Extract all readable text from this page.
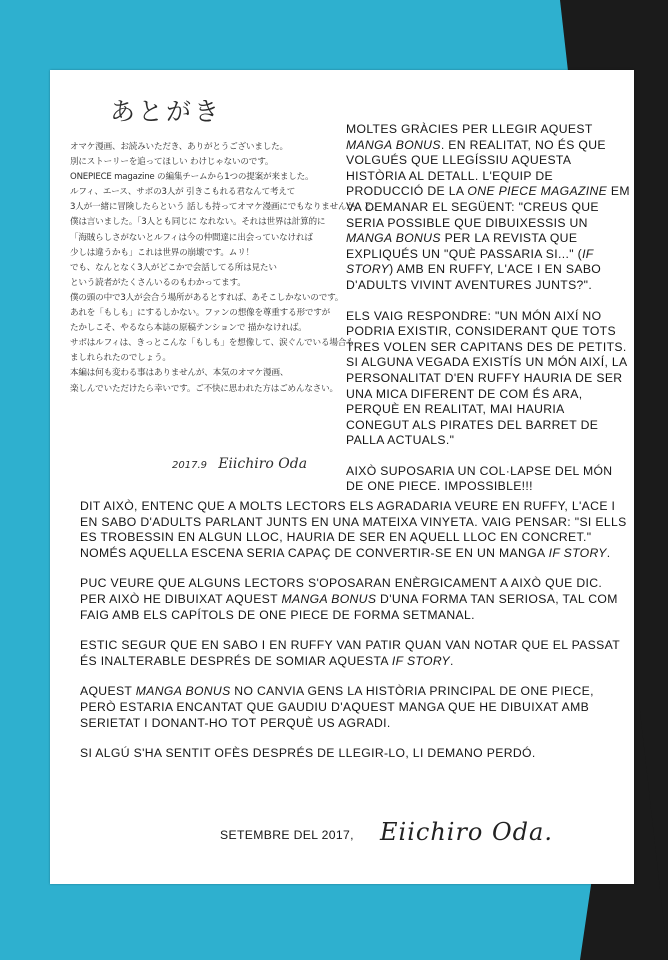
あとがき
オマケ漫画、お読みいただき、ありがとうございました。
別にストーリーを追ってほしい わけじゃないのです。
ONEPIECE magazine の編集チームから1つの提案が来ました。
ルフィ、エース、サボの3人が 引きこもれる君なんて考えて
3人が一緒に冒険したらという 話しも持ってオマケ漫画にでもなりませんか、と。
僕は言いました。「3人とも同じに なれない。それは世界は計算的に
「海賊らしさがないとルフィは今の仲間達に出会っていなければ
少しは違うかも」これは世界の崩壊です。ムリ！
でも、なんとなく3人がどこかで会話してる所は見たい
という読者がたくさんいるのもわかってます。
僕の頭の中で3人が会合う場所があるとすれば、あそこしかないのです。
あれを「もしも」にするしかない。ファンの想像を尊重する形ですが
たかしこそ、やるなら本誌の原稿テンションで 描かなければ。
サボはルフィは、きっとこんな「もしも」を想像して、涙ぐんでいる場合も
ましれられたのでしょう。
本編は何も変わる事はありませんが、本気のオマケ漫画、
楽しんでいただけたら幸いです。ご不快に思われた方はごめんなさい。
2017.9 Eiichiro Oda

MOLTES GRÀCIES PER LLEGIR AQUEST MANGA BONUS. EN REALITAT, NO ÉS QUE VOLGUÉS QUE LLEGÍSSIU AQUESTA HISTÒRIA AL DETALL. L'EQUIP DE PRODUCCIÓ DE LA ONE PIECE MAGAZINE EM VA DEMANAR EL SEGÜENT: "CREUS QUE SERIA POSSIBLE QUE DIBUIXESSIS UN MANGA BONUS PER LA REVISTA QUE EXPLIQUÉS UN "QUÈ PASSARIA SI..." (IF STORY) AMB EN RUFFY, L'ACE I EN SABO D'ADULTS VIVINT AVENTURES JUNTS?".

ELS VAIG RESPONDRE: "UN MÓN AIXÍ NO PODRIA EXISTIR, CONSIDERANT QUE TOTS TRES VOLEN SER CAPITANS DES DE PETITS. SI ALGUNA VEGADA EXISTÍS UN MÓN AIXÍ, LA PERSONALITAT D'EN RUFFY HAURIA DE SER UNA MICA DIFERENT DE COM ÉS ARA, PERQUÈ EN REALITAT, MAI HAURIA CONEGUT ALS PIRATES DEL BARRET DE PALLA ACTUALS."

AIXÒ SUPOSARIA UN COL·LAPSE DEL MÓN DE ONE PIECE. IMPOSSIBLE!!!

DIT AIXÒ, ENTENC QUE A MOLTS LECTORS ELS AGRADARIA VEURE EN RUFFY, L'ACE I EN SABO D'ADULTS PARLANT JUNTS EN UNA MATEIXA VINYETA. VAIG PENSAR: "SI ELLS ES TROBESSIN EN ALGUN LLOC, HAURIA DE SER EN AQUELL LLOC EN CONCRET." NOMÉS AQUELLA ESCENA SERIA CAPAÇ DE CONVERTIR-SE EN UN MANGA IF STORY.

PUC VEURE QUE ALGUNS LECTORS S'OPOSARAN ENÈRGICAMENT A AIXÒ QUE DIC. PER AIXÒ HE DIBUIXAT AQUEST MANGA BONUS D'UNA FORMA TAN SERIOSA, TAL COM FAIG AMB ELS CAPÍTOLS DE ONE PIECE DE FORMA SETMANAL.

ESTIC SEGUR QUE EN SABO I EN RUFFY VAN PATIR QUAN VAN NOTAR QUE EL PASSAT ÉS INALTERABLE DESPRÉS DE SOMIAR AQUESTA IF STORY.

AQUEST MANGA BONUS NO CANVIA GENS LA HISTÒRIA PRINCIPAL DE ONE PIECE, PERÒ ESTARIA ENCANTAT QUE GAUDIU D'AQUEST MANGA QUE HE DIBUIXAT AMB SERIETAT I DONANT-HO TOT PERQUÈ US AGRADI.

SI ALGÚ S'HA SENTIT OFÈS DESPRÉS DE LLEGIR-LO, LI DEMANO PERDÓ.

SETEMBRE DEL 2017, Eiichiro Oda.
